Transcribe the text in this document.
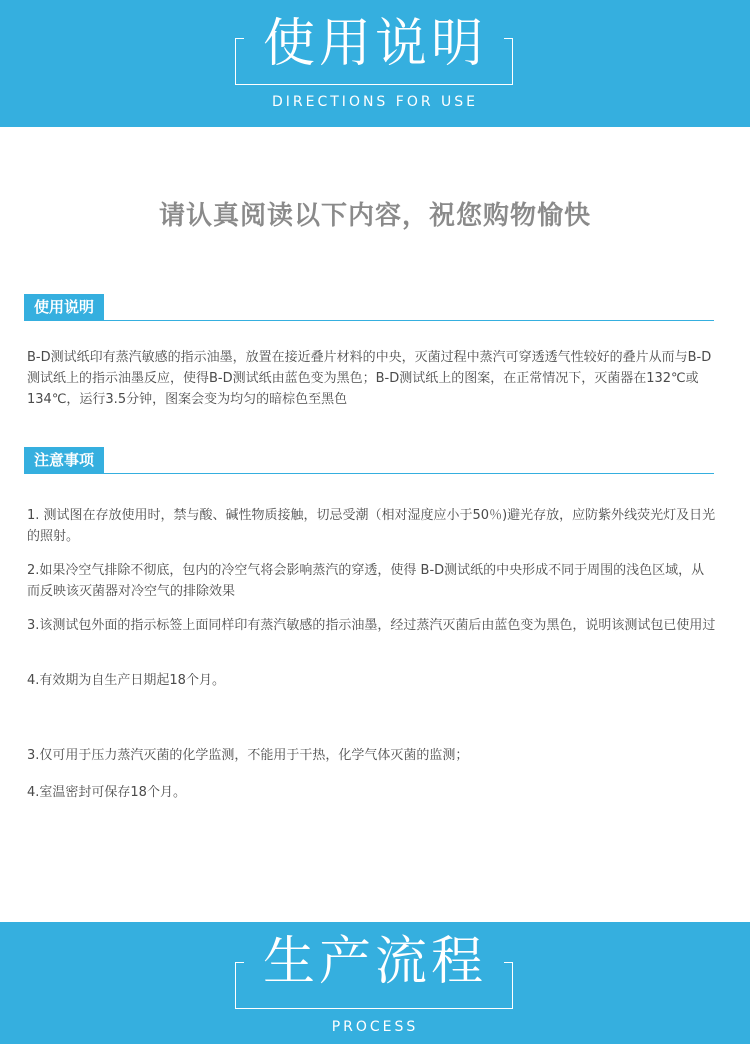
使用说明
DIRECTIONS FOR USE
请认真阅读以下内容，祝您购物愉快
使用说明
B-D测试纸印有蒸汽敏感的指示油墨，放置在接近叠片材料的中央，灭菌过程中蒸汽可穿透透气性较好的叠片从而与B-D测试纸上的指示油墨反应，使得B-D测试纸由蓝色变为黑色；B-D测试纸上的图案，在正常情况下，灭菌器在132℃或134℃，运行3.5分钟，图案会变为均匀的暗棕色至黑色
注意事项
1. 测试图在存放使用时，禁与酸、碱性物质接触，切忌受潮（相对湿度应小于50％)避光存放，应防紫外线荧光灯及日光的照射。
2.如果冷空气排除不彻底，包内的冷空气将会影响蒸汽的穿透，使得 B-D测试纸的中央形成不同于周围的浅色区域，从而反映该灭菌器对冷空气的排除效果
3.该测试包外面的指示标签上面同样印有蒸汽敏感的指示油墨，经过蒸汽灭菌后由蓝色变为黑色，说明该测试包已使用过
4.有效期为自生产日期起18个月。
3.仅可用于压力蒸汽灭菌的化学监测，不能用于干热，化学气体灭菌的监测；
4.室温密封可保存18个月。
生产流程
PROCESS
